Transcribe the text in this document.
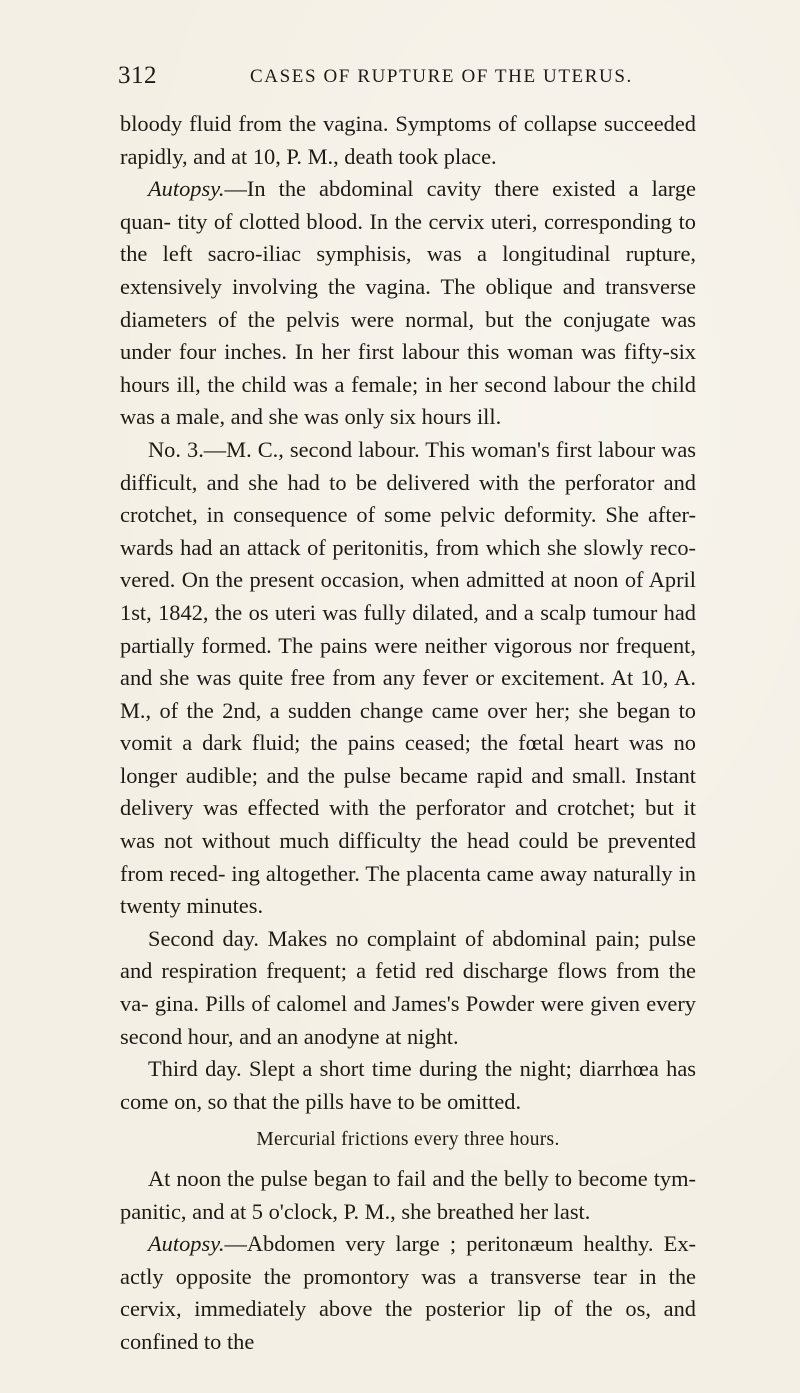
312	CASES OF RUPTURE OF THE UTERUS.

bloody fluid from the vagina. Symptoms of collapse succeeded rapidly, and at 10, P. M., death took place.

Autopsy.—In the abdominal cavity there existed a large quan- tity of clotted blood. In the cervix uteri, corresponding to the left sacro-iliac symphisis, was a longitudinal rupture, extensively involving the vagina. The oblique and transverse diameters of the pelvis were normal, but the conjugate was under four inches. In her first labour this woman was fifty-six hours ill, the child was a female; in her second labour the child was a male, and she was only six hours ill.

No. 3.—M. C., second labour. This woman's first labour was difficult, and she had to be delivered with the perforator and crotchet, in consequence of some pelvic deformity. She after- wards had an attack of peritonitis, from which she slowly reco- vered. On the present occasion, when admitted at noon of April 1st, 1842, the os uteri was fully dilated, and a scalp tumour had partially formed. The pains were neither vigorous nor frequent, and she was quite free from any fever or excitement. At 10, A. M., of the 2nd, a sudden change came over her; she began to vomit a dark fluid; the pains ceased; the fœtal heart was no longer audible; and the pulse became rapid and small. Instant delivery was effected with the perforator and crotchet; but it was not without much difficulty the head could be prevented from reced- ing altogether. The placenta came away naturally in twenty minutes.

Second day. Makes no complaint of abdominal pain; pulse and respiration frequent; a fetid red discharge flows from the va- gina. Pills of calomel and James's Powder were given every second hour, and an anodyne at night.

Third day. Slept a short time during the night; diarrhœa has come on, so that the pills have to be omitted.

Mercurial frictions every three hours.

At noon the pulse began to fail and the belly to become tym- panitic, and at 5 o'clock, P. M., she breathed her last.

Autopsy.—Abdomen very large ; peritonæum healthy. Ex- actly opposite the promontory was a transverse tear in the cervix, immediately above the posterior lip of the os, and confined to the
